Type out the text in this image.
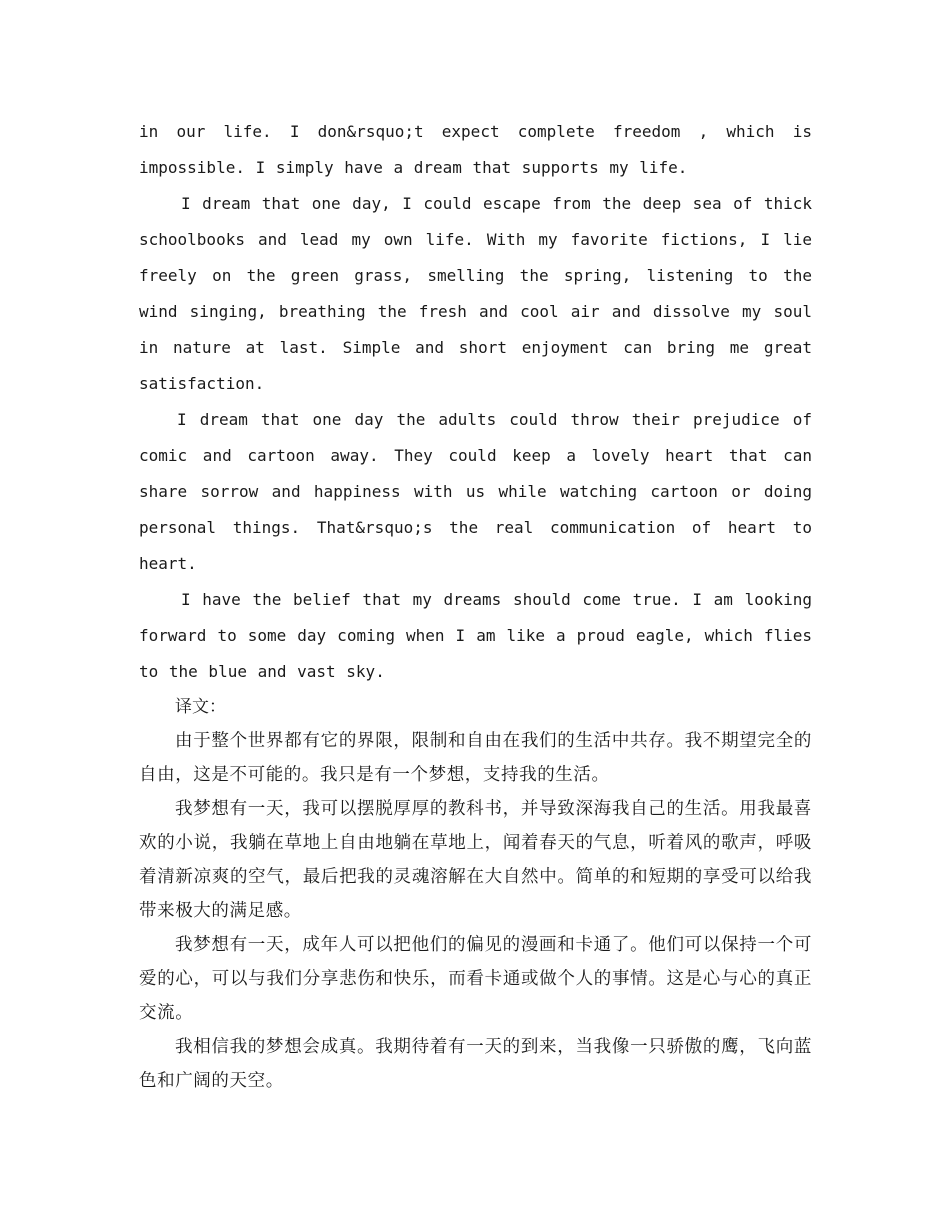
in our life. I don&rsquo;t expect complete freedom , which is impossible. I simply have a dream that supports my life.

I dream that one day, I could escape from the deep sea of thick schoolbooks and lead my own life. With my favorite fictions, I lie freely on the green grass, smelling the spring, listening to the wind singing, breathing the fresh and cool air and dissolve my soul in nature at last. Simple and short enjoyment can bring me great satisfaction.

I dream that one day the adults could throw their prejudice of comic and cartoon away. They could keep a lovely heart that can share sorrow and happiness with us while watching cartoon or doing personal things. That&rsquo;s the real communication of heart to heart.

I have the belief that my dreams should come true. I am looking forward to some day coming when I am like a proud eagle, which flies to the blue and vast sky.

译文：

由于整个世界都有它的界限，限制和自由在我们的生活中共存。我不期望完全的自由，这是不可能的。我只是有一个梦想，支持我的生活。

我梦想有一天，我可以摆脱厚厚的教科书，并导致深海我自己的生活。用我最喜欢的小说，我躺在草地上自由地躺在草地上，闻着春天的气息，听着风的歌声，呼吸着清新凉爽的空气，最后把我的灵魂溶解在大自然中。简单的和短期的享受可以给我带来极大的满足感。

我梦想有一天，成年人可以把他们的偏见的漫画和卡通了。他们可以保持一个可爱的心，可以与我们分享悲伤和快乐，而看卡通或做个人的事情。这是心与心的真正交流。

我相信我的梦想会成真。我期待着有一天的到来，当我像一只骄傲的鹰，飞向蓝色和广阔的天空。
